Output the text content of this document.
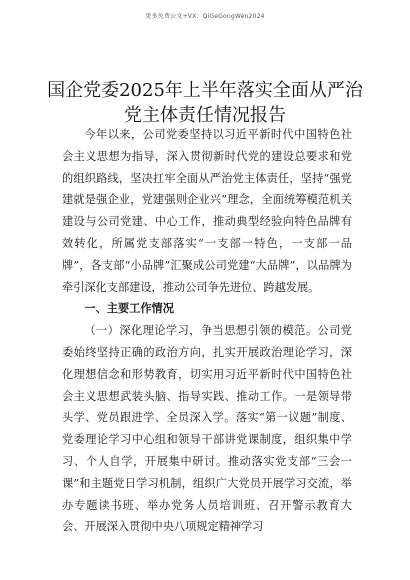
更多免费公文+VX：QiGeGongWen2024
国企党委2025年上半年落实全面从严治党主体责任情况报告

今年以来，公司党委坚持以习近平新时代中国特色社会主义思想为指导，深入贯彻新时代党的建设总要求和党的组织路线，坚决扛牢全面从严治党主体责任，坚持“强党建就是强企业，党建强则企业兴”理念，全面统筹模范机关建设与公司党建、中心工作，推动典型经验向特色品牌有效转化，所属党支部落实“一支部一特色，一支部一品牌”，各支部“小品牌”汇聚成公司党建“大品牌”，以品牌为牵引深化支部建设，推动公司争先进位、跨越发展。

一、主要工作情况

（一）深化理论学习，争当思想引领的模范。公司党委始终坚持正确的政治方向，扎实开展政治理论学习，深化理想信念和形势教育，切实用习近平新时代中国特色社会主义思想武装头脑、指导实践、推动工作。一是领导带头学、党员跟进学、全员深入学。落实“第一议题”制度、党委理论学习中心组和领导干部讲党课制度，组织集中学习、个人自学，开展集中研讨。推动落实党支部“三会一课”和主题党日学习机制，组织广大党员开展学习交流，举办专题读书班、举办党务人员培训班、召开警示教育大会、开展深入贯彻中央八项规定精神学习
